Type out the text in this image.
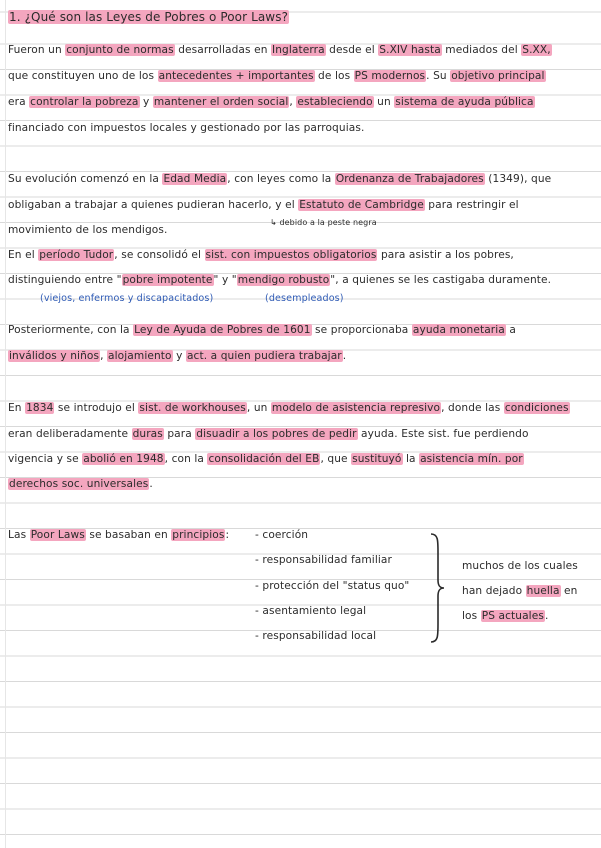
1. ¿Qué son las Leyes de Pobres o Poor Laws?
Fueron un conjunto de normas desarrolladas en Inglaterra desde el S.XIV hasta mediados del S.XX,
que constituyen uno de los antecedentes + importantes de los PS modernos. Su objetivo principal
era controlar la pobreza y mantener el orden social, estableciendo un sistema de ayuda pública
financiado con impuestos locales y gestionado por las parroquias.
Su evolución comenzó en la Edad Media, con leyes como la Ordenanza de Trabajadores (1349), que
obligaban a trabajar a quienes pudieran hacerlo, y el Estatuto de Cambridge para restringir el
↳ debido a la peste negra
movimiento de los mendigos.
En el período Tudor, se consolidó el sist. con impuestos obligatorios para asistir a los pobres,
distinguiendo entre "pobre impotente" y "mendigo robusto", a quienes se les castigaba duramente.
(viejos, enfermos y discapacitados)	(desempleados)
Posteriormente, con la Ley de Ayuda de Pobres de 1601 se proporcionaba ayuda monetaria a
inválidos y niños, alojamiento y act. a quien pudiera trabajar.
En 1834 se introdujo el sist. de workhouses, un modelo de asistencia represivo, donde las condiciones
eran deliberadamente duras para disuadir a los pobres de pedir ayuda. Este sist. fue perdiendo
vigencia y se abolió en 1948, con la consolidación del EB, que sustituyó la asistencia mín. por
derechos soc. universales.
Las Poor Laws se basaban en principios: - coerción
- responsabilidad familiar
- protección del "status quo"
- asentamiento legal
- responsabilidad local
muchos de los cuales
han dejado huella en
los PS actuales.
